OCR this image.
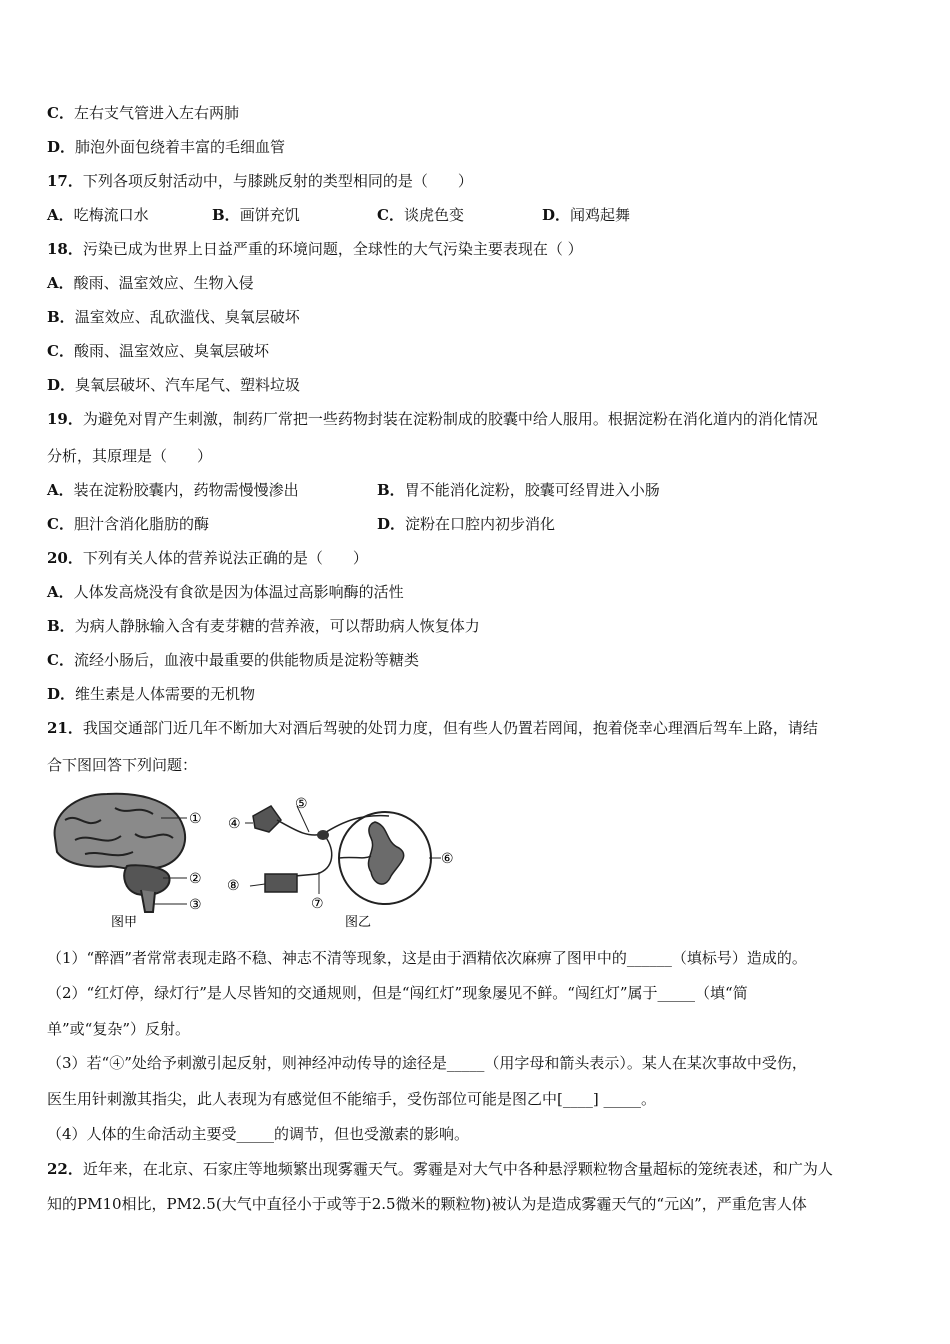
C．左右支气管进入左右两肺
D．肺泡外面包绕着丰富的毛细血管
17．下列各项反射活动中，与膝跳反射的类型相同的是（　　）
A．吃梅流口水	B．画饼充饥	C．谈虎色变	D．闻鸡起舞
18．污染已成为世界上日益严重的环境问题，全球性的大气污染主要表现在（ ）
A．酸雨、温室效应、生物入侵
B．温室效应、乱砍滥伐、臭氧层破坏
C．酸雨、温室效应、臭氧层破坏
D．臭氧层破坏、汽车尾气、塑料垃圾
19．为避免对胃产生刺激，制药厂常把一些药物封装在淀粉制成的胶囊中给人服用。根据淀粉在消化道内的消化情况
分析，其原理是（　　）
A．装在淀粉胶囊内，药物需慢慢渗出	B．胃不能消化淀粉，胶囊可经胃进入小肠
C．胆汁含消化脂肪的酶	D．淀粉在口腔内初步消化
20．下列有关人体的营养说法正确的是（　　）
A．人体发高烧没有食欲是因为体温过高影响酶的活性
B．为病人静脉输入含有麦芽糖的营养液，可以帮助病人恢复体力
C．流经小肠后，血液中最重要的供能物质是淀粉等糖类
D．维生素是人体需要的无机物
21．我国交通部门近几年不断加大对酒后驾驶的处罚力度，但有些人仍置若罔闻，抱着侥幸心理酒后驾车上路，请结
合下图回答下列问题：
①
②
③
图甲
④
⑤
⑥
⑦
⑧
图乙
（1）“醉酒”者常常表现走路不稳、神志不清等现象，这是由于酒精依次麻痹了图甲中的______（填标号）造成的。
（2）“红灯停，绿灯行”是人尽皆知的交通规则，但是“闯红灯”现象屡见不鲜。“闯红灯”属于_____（填“简
单”或“复杂”）反射。
（3）若“④”处给予刺激引起反射，则神经冲动传导的途径是_____（用字母和箭头表示）。某人在某次事故中受伤，
医生用针刺激其指尖，此人表现为有感觉但不能缩手，受伤部位可能是图乙中[____] _____。
（4）人体的生命活动主要受_____的调节，但也受激素的影响。
22．近年来，在北京、石家庄等地频繁出现雾霾天气。雾霾是对大气中各种悬浮颗粒物含量超标的笼统表述，和广为人
知的PM10相比，PM2.5(大气中直径小于或等于2.5微米的颗粒物)被认为是造成雾霾天气的“元凶”，严重危害人体
